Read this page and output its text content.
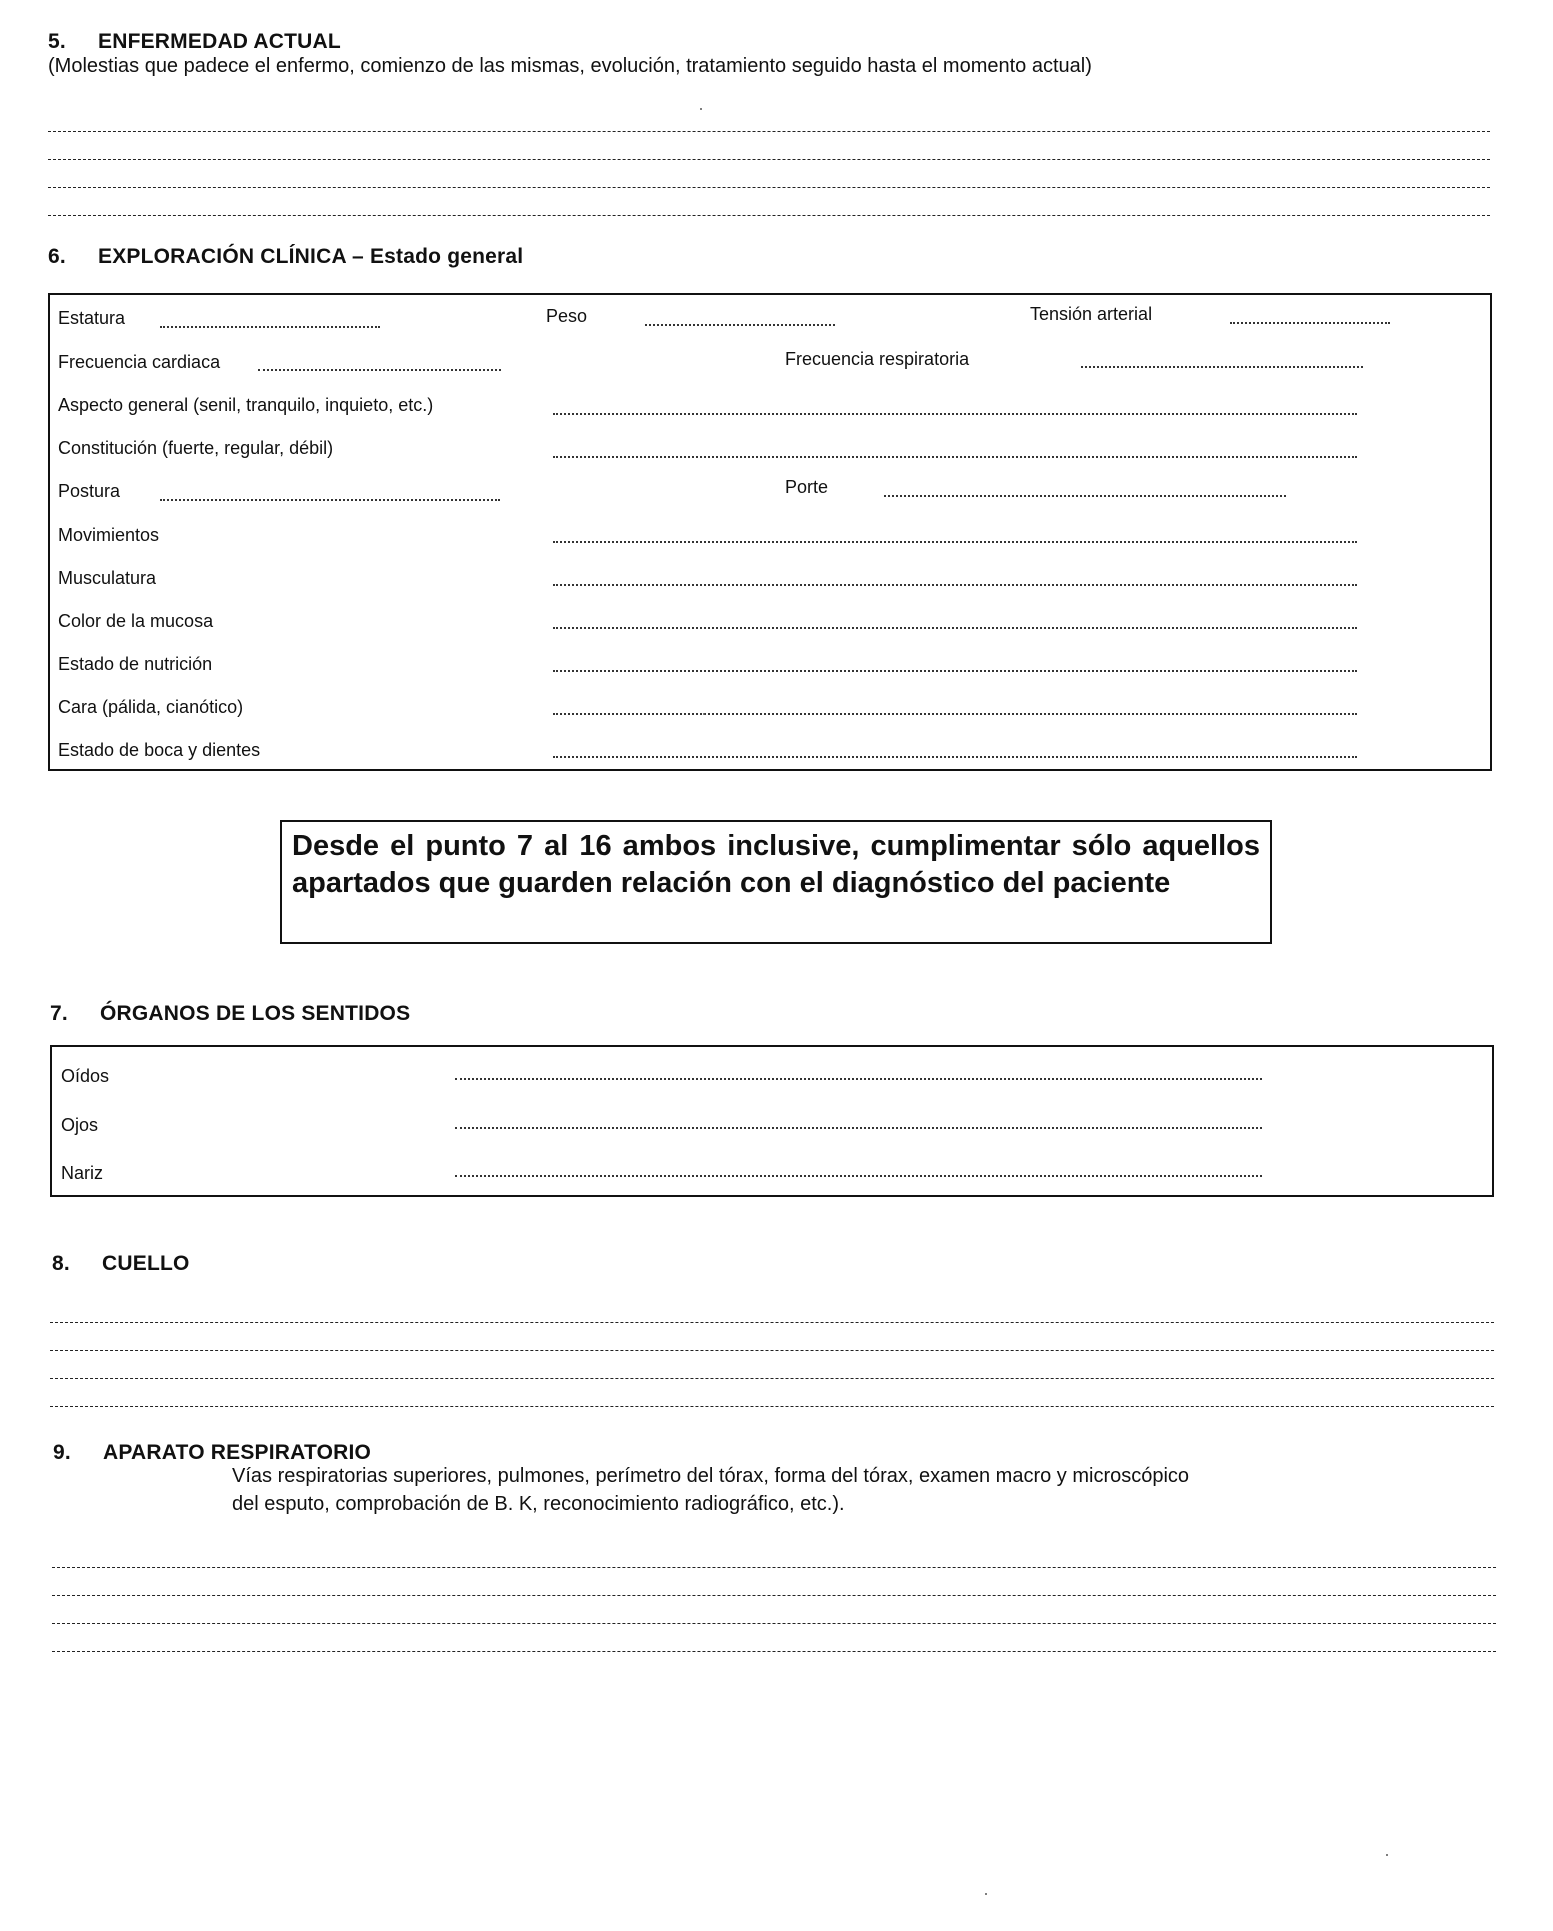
5. ENFERMEDAD ACTUAL
(Molestias que padece el enfermo, comienzo de las mismas, evolución, tratamiento seguido hasta el momento actual)
6. EXPLORACIÓN CLÍNICA – Estado general
Estatura	Peso	Tensión arterial
Frecuencia cardiaca	Frecuencia respiratoria
Aspecto general (senil, tranquilo, inquieto, etc.)
Constitución (fuerte, regular, débil)
Postura	Porte
Movimientos
Musculatura
Color de la mucosa
Estado de nutrición
Cara (pálida, cianótico)
Estado de boca y dientes
Desde el punto 7 al 16 ambos inclusive, cumplimentar sólo aquellos apartados que guarden relación con el diagnóstico del paciente
7. ÓRGANOS DE LOS SENTIDOS
Oídos
Ojos
Nariz
8. CUELLO
9. APARATO RESPIRATORIO
Vías respiratorias superiores, pulmones, perímetro del tórax, forma del tórax, examen macro y microscópico
del esputo, comprobación de B. K, reconocimiento radiográfico, etc.).
